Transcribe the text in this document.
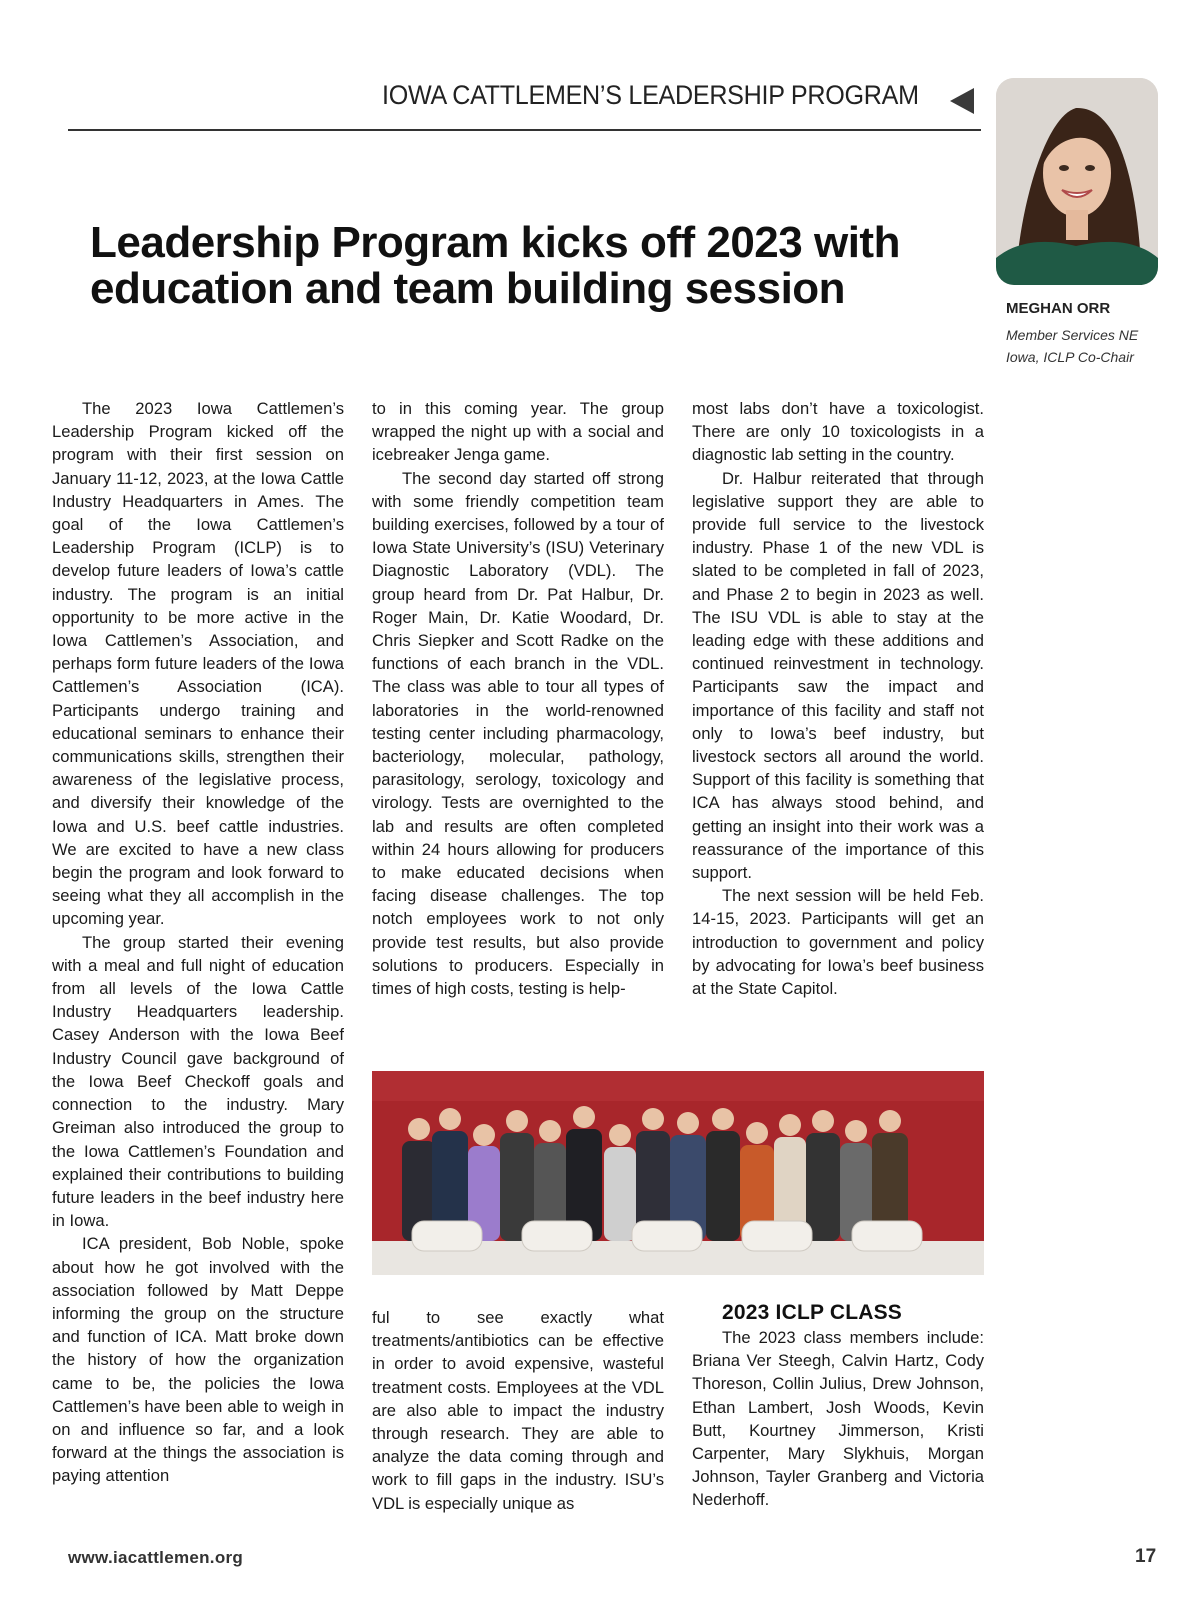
IOWA CATTLEMEN’S LEADERSHIP PROGRAM
Leadership Program kicks off 2023 with
education and team building session	MEGHAN ORR
Member Services NE
Iowa, ICLP Co-Chair

The 2023 Iowa Cattlemen’s Leadership Program kicked off the program with their first session on January 11-12, 2023, at the Iowa Cattle Industry Headquarters in Ames. The goal of the Iowa Cattlemen’s Leadership Program (ICLP) is to develop future leaders of Iowa’s cattle industry. The program is an initial opportunity to be more active in the Iowa Cattlemen’s Association, and perhaps form future leaders of the Iowa Cattlemen’s Association (ICA). Participants undergo training and educational seminars to enhance their communications skills, strengthen their awareness of the legislative process, and diversify their knowledge of the Iowa and U.S. beef cattle industries. We are excited to have a new class begin the program and look forward to seeing what they all accomplish in the upcoming year.

The group started their evening with a meal and full night of education from all levels of the Iowa Cattle Industry Headquarters leadership. Casey Anderson with the Iowa Beef Industry Council gave background of the Iowa Beef Checkoff goals and connection to the industry. Mary Greiman also introduced the group to the Iowa Cattlemen’s Foundation and explained their contributions to building future leaders in the beef industry here in Iowa.

ICA president, Bob Noble, spoke about how he got involved with the association followed by Matt Deppe informing the group on the structure and function of ICA. Matt broke down the history of how the organization came to be, the policies the Iowa Cattlemen’s have been able to weigh in on and influence so far, and a look forward at the things the association is paying attention

to in this coming year. The group wrapped the night up with a social and icebreaker Jenga game.

The second day started off strong with some friendly competition team building exercises, followed by a tour of Iowa State University’s (ISU) Veterinary Diagnostic Laboratory (VDL). The group heard from Dr. Pat Halbur, Dr. Roger Main, Dr. Katie Woodard, Dr. Chris Siepker and Scott Radke on the functions of each branch in the VDL. The class was able to tour all types of laboratories in the world-renowned testing center including pharmacology, bacteriology, molecular, pathology, parasitology, serology, toxicology and virology. Tests are overnighted to the lab and results are often completed within 24 hours allowing for producers to make educated decisions when facing disease challenges. The top notch employees work to not only provide test results, but also provide solutions to producers. Especially in times of high costs, testing is help-

most labs don’t have a toxicologist. There are only 10 toxicologists in a diagnostic lab setting in the country.

Dr. Halbur reiterated that through legislative support they are able to provide full service to the livestock industry. Phase 1 of the new VDL is slated to be completed in fall of 2023, and Phase 2 to begin in 2023 as well. The ISU VDL is able to stay at the leading edge with these additions and continued reinvestment in technology. Participants saw the impact and importance of this facility and staff not only to Iowa’s beef industry, but livestock sectors all around the world. Support of this facility is something that ICA has always stood behind, and getting an insight into their work was a reassurance of the importance of this support.

The next session will be held Feb. 14-15, 2023. Participants will get an introduction to government and policy by advocating for Iowa’s beef business at the State Capitol.

ful to see exactly what treatments/antibiotics can be effective in order to avoid expensive, wasteful treatment costs. Employees at the VDL are also able to impact the industry through research. They are able to analyze the data coming through and work to fill gaps in the industry. ISU’s VDL is especially unique as

2023 ICLP CLASS

The 2023 class members include: Briana Ver Steegh, Calvin Hartz, Cody Thoreson, Collin Julius, Drew Johnson, Ethan Lambert, Josh Woods, Kevin Butt, Kourtney Jimmerson, Kristi Carpenter, Mary Slykhuis, Morgan Johnson, Tayler Granberg and Victoria Nederhoff.

www.iacattlemen.org	17
